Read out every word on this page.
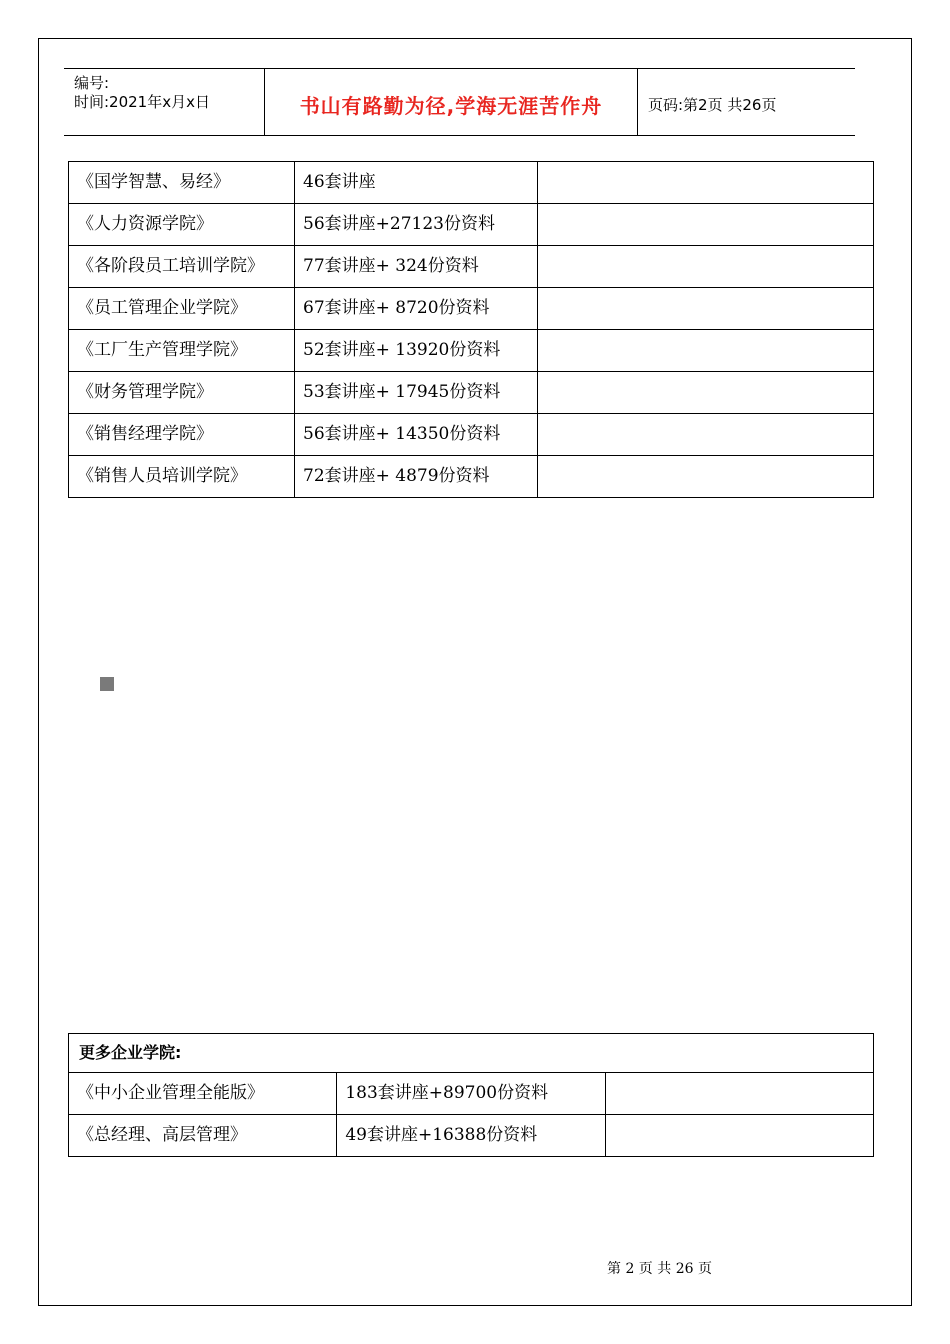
编号:
时间:2021年x月x日	书山有路勤为径,学海无涯苦作舟	页码:第2页 共26页
《国学智慧、易经》	46套讲座	
《人力资源学院》	56套讲座+27123份资料	
《各阶段员工培训学院》	77套讲座+ 324份资料	
《员工管理企业学院》	67套讲座+ 8720份资料	
《工厂生产管理学院》	52套讲座+ 13920份资料	
《财务管理学院》	53套讲座+ 17945份资料	
《销售经理学院》	56套讲座+ 14350份资料	
《销售人员培训学院》	72套讲座+ 4879份资料	
更多企业学院:		
《中小企业管理全能版》	183套讲座+89700份资料	
《总经理、高层管理》	49套讲座+16388份资料	
第 2 页 共 26 页
